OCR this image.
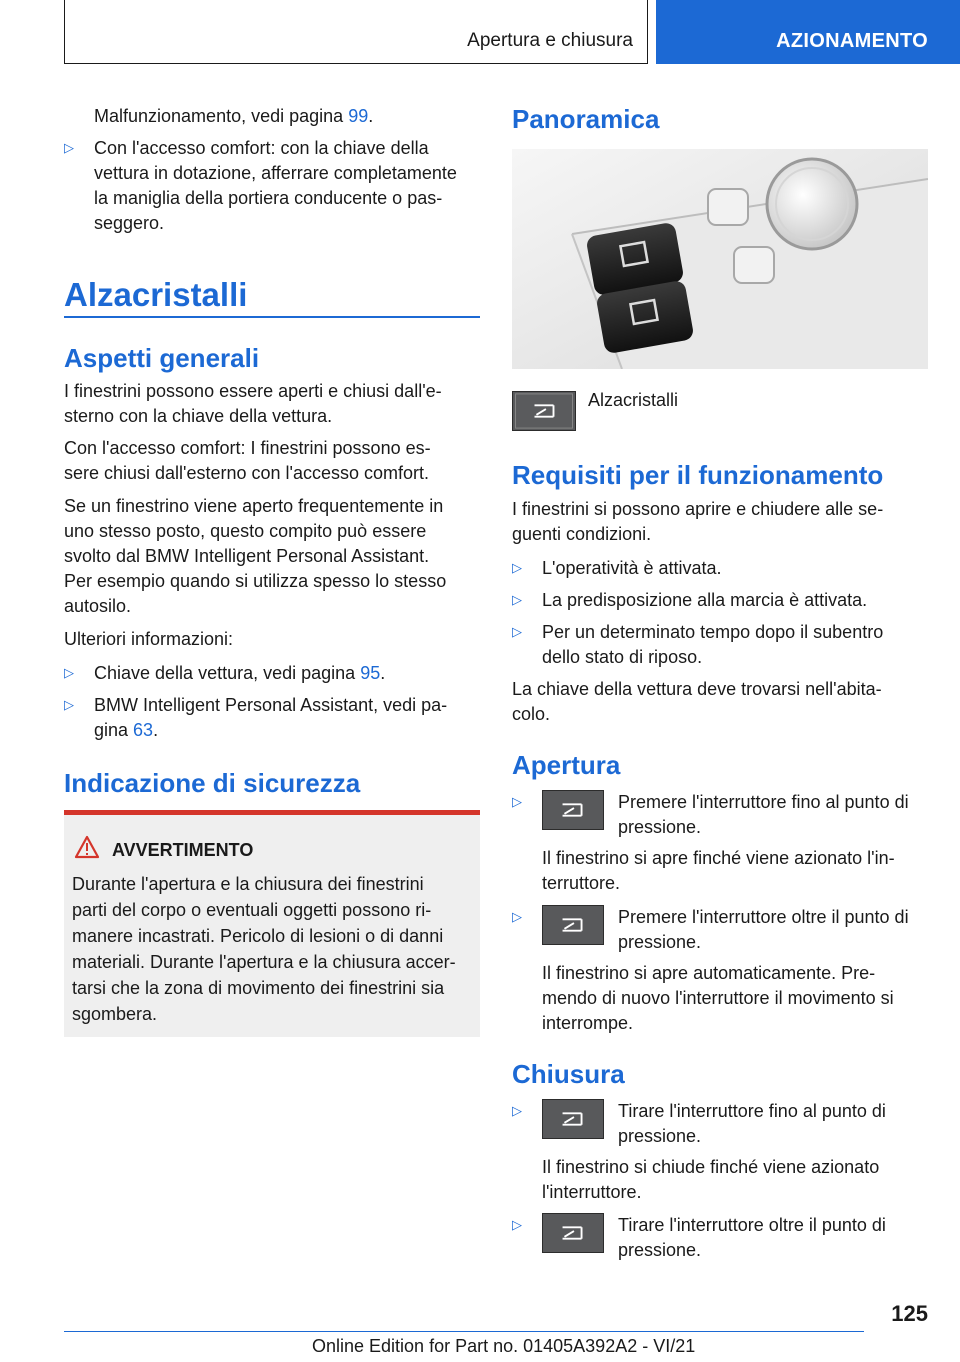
Apertura e chiusura	AZIONAMENTO

Malfunzionamento, vedi pagina 99.

▷ Con l'accesso comfort: con la chiave della

vettura in dotazione, afferrare completamente

la maniglia della portiera conducente o pas-

seggero.

Alzacristalli
Aspetti generali

I finestrini possono essere aperti e chiusi dall'e-

sterno con la chiave della vettura.

Con l'accesso comfort: I finestrini possono es-

sere chiusi dall'esterno con l'accesso comfort.

Se un finestrino viene aperto frequentemente in

uno stesso posto, questo compito può essere

svolto dal BMW Intelligent Personal Assistant.

Per esempio quando si utilizza spesso lo stesso

autosilo.

Ulteriori informazioni:

▷ Chiave della vettura, vedi pagina 95.

▷ BMW Intelligent Personal Assistant, vedi pa-

gina 63.

Indicazione di sicurezza
AVVERTIMENTO

Durante l'apertura e la chiusura dei finestrini

parti del corpo o eventuali oggetti possono ri-

manere incastrati. Pericolo di lesioni o di danni

materiali. Durante l'apertura e la chiusura accer-

tarsi che la zona di movimento dei finestrini sia

sgombera.

Panoramica

Alzacristalli

Requisiti per il funzionamento

I finestrini si possono aprire e chiudere alle se-

guenti condizioni.

▷ L'operatività è attivata.

▷ La predisposizione alla marcia è attivata.

▷ Per un determinato tempo dopo il subentro

dello stato di riposo.

La chiave della vettura deve trovarsi nell'abita-

colo.

Apertura
▷	Premere l'interruttore fino al punto di

pressione.

Il finestrino si apre finché viene azionato l'in-

terruttore.

▷	Premere l'interruttore oltre il punto di

pressione.

Il finestrino si apre automaticamente. Pre-

mendo di nuovo l'interruttore il movimento si

interrompe.

Chiusura
▷	Tirare l'interruttore fino al punto di

pressione.

Il finestrino si chiude finché viene azionato

l'interruttore.

▷	Tirare l'interruttore oltre il punto di

pressione.

125
Online Edition for Part no. 01405A392A2 - VI/21
